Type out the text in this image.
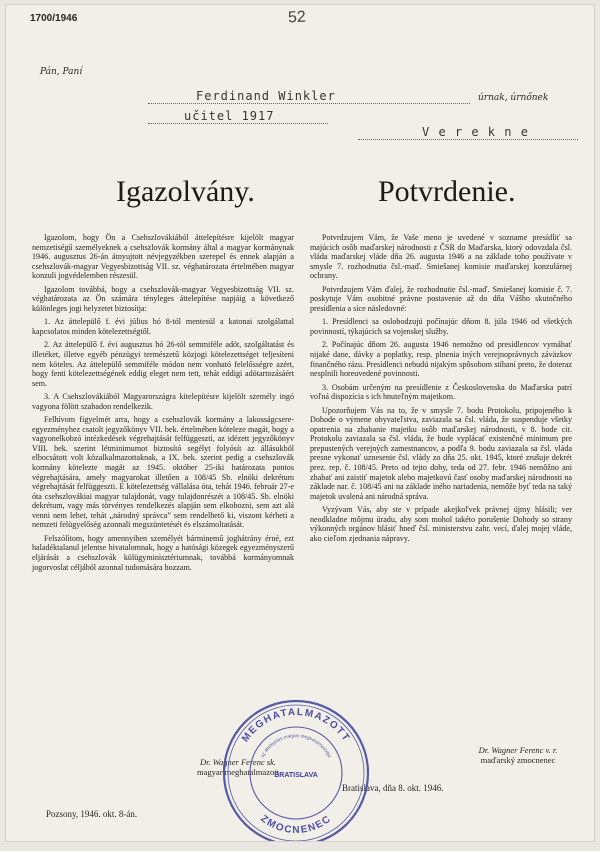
1700/1946	52
Pán, Paní
Ferdinand Winkler	úrnak, úrnőnek
učitel 1917
V e r e k n e
Igazolvány.	Potvrdenie.

Igazolom, hogy Ön a Csehszlovákiából áttelepítésre kijelölt magyar nemzetiségű személyeknek a csehszlovák kormány által a magyar kormánynak 1946. augusztus 26-án átnyujtott névjegyzékben szerepel és ennek alapján a csehszlovák-magyar Vegyesbizottság VII. sz. véghatározata értelmében magyar konzuli jogvédelemben részesül.

Igazolom továbbá, hogy a csehszlovák-magyar Vegyesbizottság VII. sz. véghatározata az Ön számára tényleges áttelepítése napjáig a következő különleges jogi helyzetet biztosítja:

1. Az áttelepülő f. évi július hó 8-tól mentesül a katonai szolgálattal kapcsolatos minden kötelezettségtől.

2. Az áttelepülő f. évi augusztus hó 26-tól semmiféle adót, szolgáltatást és illetéket, illetve egyéb pénzügyi természetű közjogi kötelezettséget teljesíteni nem köteles. Az áttelepülő semmiféle módon nem vonható felelősségre azért, hogy fenti kötelezettségének eddig eleget nem tett, tehát eddigi adótartozásáért sem.

3. A Csehszlovákiából Magyarországra kitelepítésre kijelölt személy ingó vagyona fölött szabadon rendelkezik.

Felhívom figyelmét arra, hogy a csehszlovák kormány a lakosságcsere-egyezményhez csatolt jegyzőkönyv VII. bek. értelmében köteleze magát, hogy a vagyonelkobzó intézkedések végrehajtását felfüggeszti, az idézett jegyzőkönyv VIII. bek. szerint létminimumot biztosító segélyt folyósít az állásukból elbocsátott volt közalkalmazottaknak, a IX. bek. szerint pedig a csehszlovák kormány kötelezte magát az 1945. október 25-iki határozata pontos végrehajtására, amely magyarokat illetően a 108/45 Sb. elnöki dekrétum végrehajtását felfüggeszti. E kötelezettség vállalása óta, tehát 1946. február 27-e óta csehszlovákiai magyar tulajdonát, vagy tulajdonrészét a 108/45. Sb. elnöki dekrétum, vagy más törvényes rendelkezés alapján sem elkobozni, sem azt alá venni nem lehet, tehát „národný správca” sem rendelhető ki, viszont kérheti a nemzeti felügyelőség azonnali megszüntetését és elszámoltatását.

Felszólítom, hogy amennyiben személyét bárminemű joghátrány érné, ezt haladéktalanul jelentse hivatalomnak, hogy a hatósági közegek egyezményszerű eljárását a csehszlovák külügyminisztériumnak, továbbá kormányomnak jogorvoslat céljából azonnal tudomására hozzam.

Potvrdzujem Vám, že Vaše meno je uvedené v sozname presídliť sa majúcich osôb maďarskej národnosti z ČSR do Maďarska, ktorý odovzdala čsl. vláda maďarskej vláde dňa 26. augusta 1946 a na základe toho používate v smysle 7. rozhodnutia čsl.-maď. Smiešanej komisie maďarskej konzulárnej ochrany.

Potvrdzujem Vám ďalej, že rozhodnutie čsl.-maď. Smiešanej komisie č. 7. poskytuje Vám osobitné právne postavenie až do dňa Vášho skutočného presídlenia a síce následovné:

1. Presídlenci sa oslobodzujú počínajúc dňom 8. júla 1946 od všetkých povinností, týkajúcich sa vojenskej služby.

2. Počínajúc dňom 26. augusta 1946 nemožno od presídlencov vymáhať nijaké dane, dávky a poplatky, resp. plnenia iných verejnoprávnych záväzkov finančného rázu. Presídlenci nebudú nijakým spôsobom stíhaní preto, že doteraz nesplnili horeuvedené povinnosti.

3. Osobám určeným na presídlenie z Československa do Maďarska patrí voľná dispozícia s ich hnuteľným majetkom.

Upozorňujem Vás na to, že v smysle 7. bodu Protokolu, pripojeného k Dohode o výmene obyvateľstva, zaviazala sa čsl. vláda, že suspenduje všetky opatrenia na zhabanie majetku osôb maďarskej národnosti, v 8. bode cit. Protokolu zaviazala sa čsl. vláda, že bude vyplácať existenčné minimum pre prepustených verejných zamestnancov, a podľa 9. bodu zaviazala sa čsl. vláda presne vykonať uznesenie čsl. vlády zo dňa 25. okt. 1945, ktoré zrušuje dekrét prez. rep. č. 108/45. Preto od tejto doby, teda od 27. febr. 1946 nemôžno ani zhabať ani zaistiť majetok alebo majetkovú časť osoby maďarskej národnosti na základe nar. č. 108/45 ani na základe iného nariadenia, nemôže byť teda na taký majetok uvalená ani národná správa.

Vyzývam Vás, aby ste v prípade akejkoľvek právnej újmy hlásili; ver neodkladne môjmu úradu, aby som mohol takéto porušenie Dohody so strany výkonných orgánov hlásiť hneď čsl. ministerstvu zahr. vecí, ďalej mojej vláde, ako cieľom zjednania nápravy.

Dr. Wagner Ferenc sk.
magyar meghatalmazott
Dr. Wagner Ferenc v. r.
maďarský zmocnenec
Pozsony, 1946. okt. 8-án.
Bratislava, dňa 8. okt. 1946.
MEGHATALMAZOTT
ZMOCNENEC
az áttelepítés magyar meghatalmazottja
BRATISLAVA
